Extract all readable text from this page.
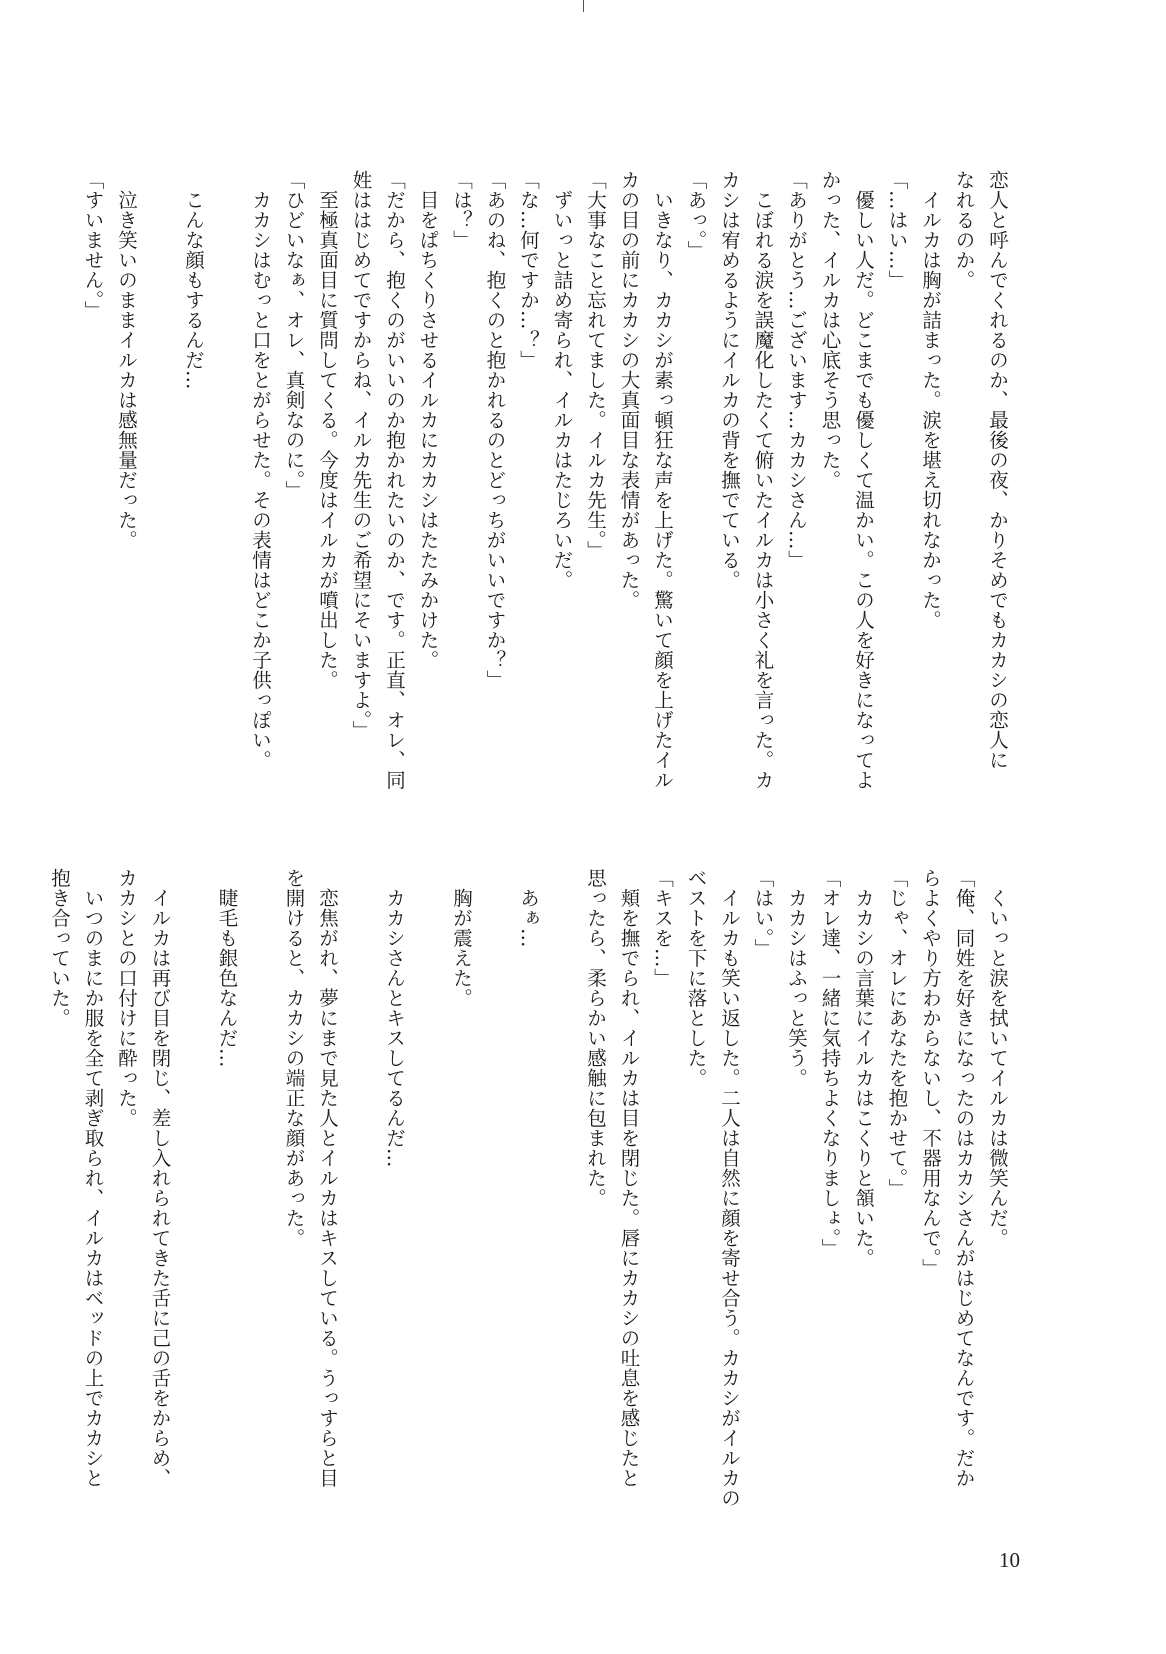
恋人と呼んでくれるのか、最後の夜、かりそめでもカカシの恋人に
なれるのか。
　イルカは胸が詰まった。涙を堪え切れなかった。
「…はい…」
　優しい人だ。どこまでも優しくて温かい。この人を好きになってよ
かった、イルカは心底そう思った。
「ありがとう…ございます…カカシさん…」
　こぼれる涙を誤魔化したくて俯いたイルカは小さく礼を言った。カ
カシは宥めるようにイルカの背を撫でている。
「あっ。」
　いきなり、カカシが素っ頓狂な声を上げた。驚いて顔を上げたイル
カの目の前にカカシの大真面目な表情があった。
「大事なこと忘れてました。イルカ先生。」
　ずいっと詰め寄られ、イルカはたじろいだ。
「な…何ですか…？」
「あのね、抱くのと抱かれるのとどっちがいいですか？」
「は？」
　目をぱちくりさせるイルカにカカシはたたみかけた。
「だから、抱くのがいいのか抱かれたいのか、です。正直、オレ、同
姓ははじめてですからね、イルカ先生のご希望にそいますよ。」
　至極真面目に質問してくる。今度はイルカが噴出した。
「ひどいなぁ、オレ、真剣なのに。」
　カカシはむっと口をとがらせた。その表情はどこか子供っぽい。

　こんな顔もするんだ…

　泣き笑いのままイルカは感無量だった。
「すいません。」
　くいっと涙を拭いてイルカは微笑んだ。
「俺、同姓を好きになったのはカカシさんがはじめてなんです。だか
らよくやり方わからないし、不器用なんで。」
「じゃ、オレにあなたを抱かせて。」
　カカシの言葉にイルカはこくりと頷いた。
「オレ達、一緒に気持ちよくなりましょ。」
　カカシはふっと笑う。
「はい。」
　イルカも笑い返した。二人は自然に顔を寄せ合う。カカシがイルカの
ベストを下に落とした。
「キスを…」
　頬を撫でられ、イルカは目を閉じた。唇にカカシの吐息を感じたと
思ったら、柔らかい感触に包まれた。

　あぁ…

　胸が震えた。

　カカシさんとキスしてるんだ…

　恋焦がれ、夢にまで見た人とイルカはキスしている。うっすらと目
を開けると、カカシの端正な顔があった。

　睫毛も銀色なんだ…

　イルカは再び目を閉じ、差し入れられてきた舌に己の舌をからめ、
カカシとの口付けに酔った。
　いつのまにか服を全て剥ぎ取られ、イルカはベッドの上でカカシと
抱き合っていた。
10
